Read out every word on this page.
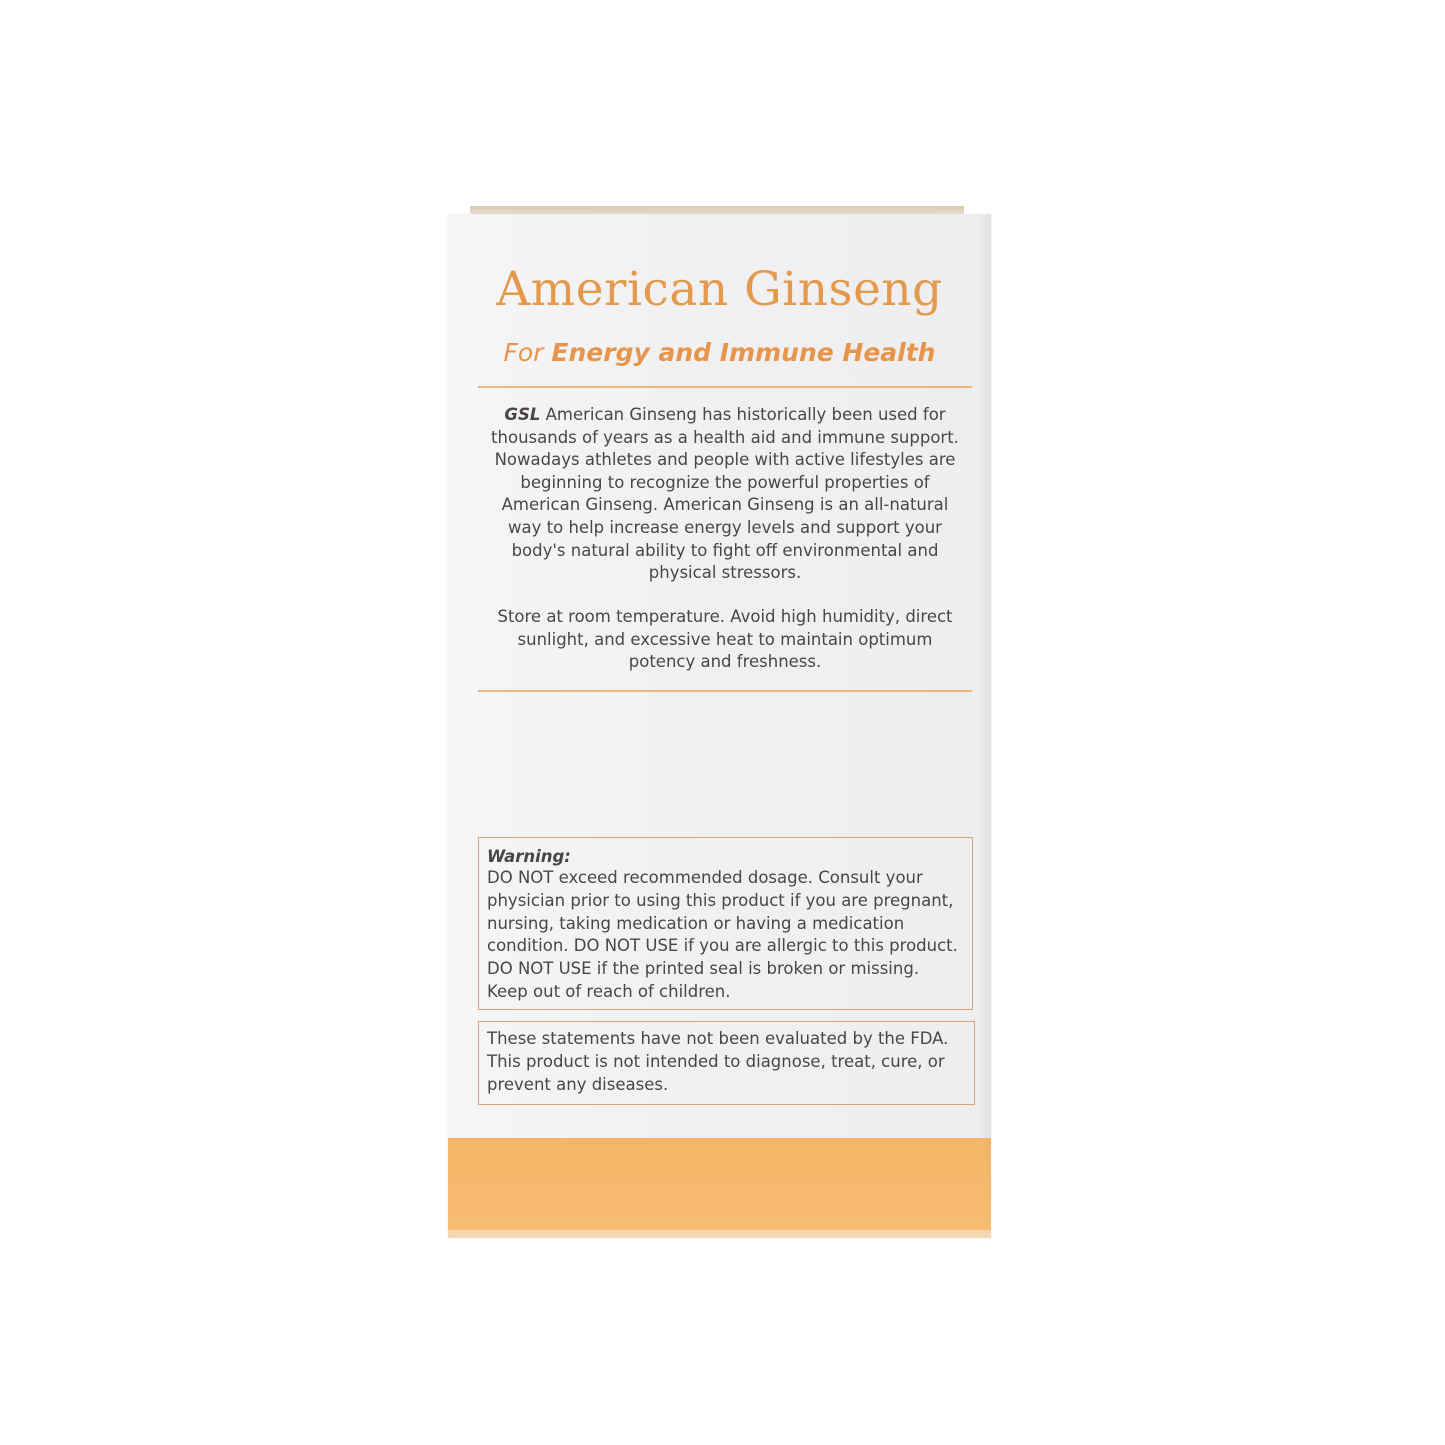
American Ginseng
For Energy and Immune Health
GSL American Ginseng has historically been used for thousands of years as a health aid and immune support. Nowadays athletes and people with active lifestyles are beginning to recognize the powerful properties of American Ginseng. American Ginseng is an all-natural way to help increase energy levels and support your body's natural ability to fight off environmental and physical stressors.
Store at room temperature. Avoid high humidity, direct sunlight, and excessive heat to maintain optimum potency and freshness.
Warning:
DO NOT exceed recommended dosage. Consult your physician prior to using this product if you are pregnant, nursing, taking medication or having a medication condition. DO NOT USE if you are allergic to this product. DO NOT USE if the printed seal is broken or missing. Keep out of reach of children.
These statements have not been evaluated by the FDA. This product is not intended to diagnose, treat, cure, or prevent any diseases.
